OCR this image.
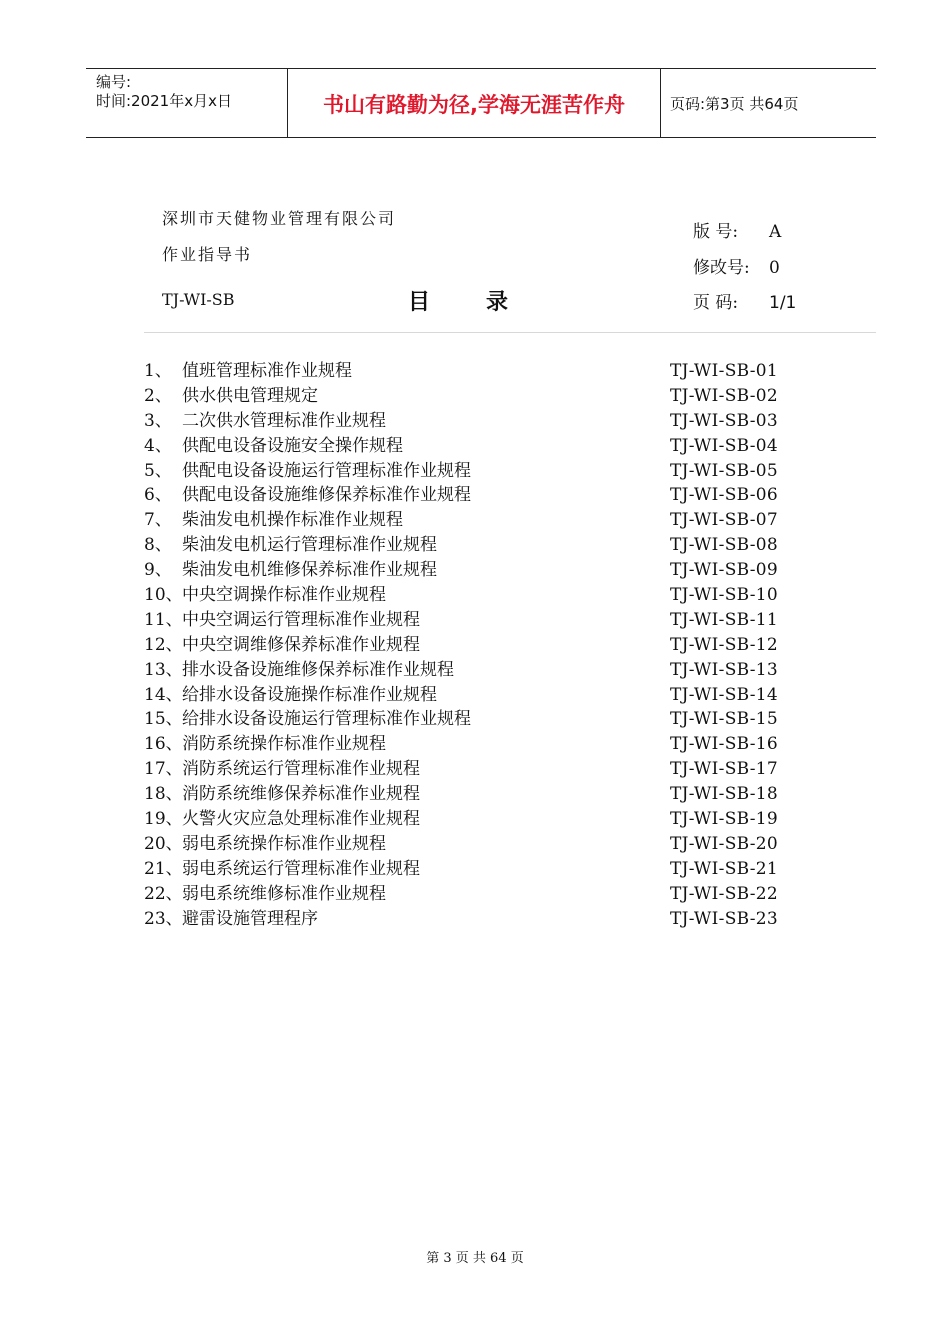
编号:
时间:2021年x月x日	书山有路勤为径,学海无涯苦作舟	页码:第3页 共64页
深圳市天健物业管理有限公司
作业指导书
TJ-WI-SB	目录
版 号: A
修改号: 0
页 码: 1/1
1、 值班管理标准作业规程	TJ-WI-SB-01
2、 供水供电管理规定	TJ-WI-SB-02
3、 二次供水管理标准作业规程	TJ-WI-SB-03
4、 供配电设备设施安全操作规程	TJ-WI-SB-04
5、 供配电设备设施运行管理标准作业规程	TJ-WI-SB-05
6、 供配电设备设施维修保养标准作业规程	TJ-WI-SB-06
7、 柴油发电机操作标准作业规程	TJ-WI-SB-07
8、 柴油发电机运行管理标准作业规程	TJ-WI-SB-08
9、 柴油发电机维修保养标准作业规程	TJ-WI-SB-09
10、 中央空调操作标准作业规程	TJ-WI-SB-10
11、 中央空调运行管理标准作业规程	TJ-WI-SB-11
12、 中央空调维修保养标准作业规程	TJ-WI-SB-12
13、 排水设备设施维修保养标准作业规程	TJ-WI-SB-13
14、 给排水设备设施操作标准作业规程	TJ-WI-SB-14
15、 给排水设备设施运行管理标准作业规程	TJ-WI-SB-15
16、 消防系统操作标准作业规程	TJ-WI-SB-16
17、 消防系统运行管理标准作业规程	TJ-WI-SB-17
18、 消防系统维修保养标准作业规程	TJ-WI-SB-18
19、 火警火灾应急处理标准作业规程	TJ-WI-SB-19
20、 弱电系统操作标准作业规程	TJ-WI-SB-20
21、 弱电系统运行管理标准作业规程	TJ-WI-SB-21
22、 弱电系统维修标准作业规程	TJ-WI-SB-22
23、 避雷设施管理程序	TJ-WI-SB-23
第 3 页 共 64 页
